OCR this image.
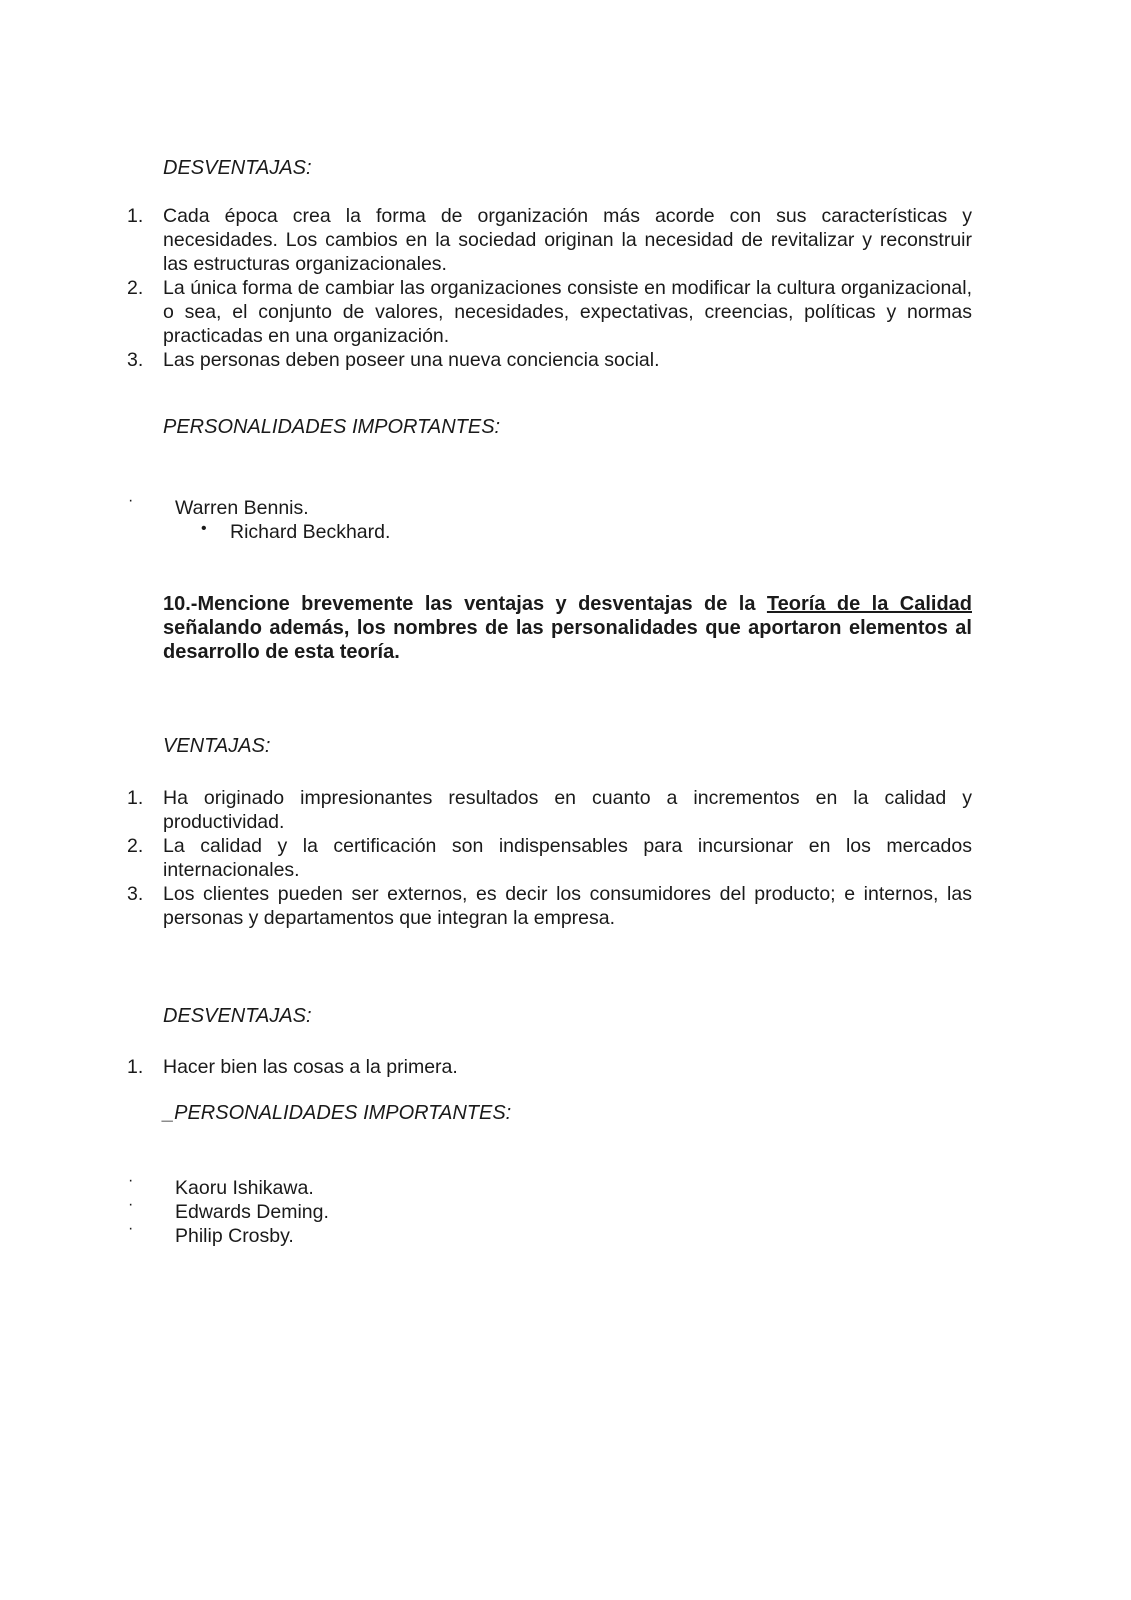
DESVENTAJAS:
1. Cada época crea la forma de organización más acorde con sus características y necesidades. Los cambios en la sociedad originan la necesidad de revitalizar y reconstruir las estructuras organizacionales.
2. La única forma de cambiar las organizaciones consiste en modificar la cultura organizacional, o sea, el conjunto de valores, necesidades, expectativas, creencias, políticas y normas practicadas en una organización.
3. Las personas deben poseer una nueva conciencia social.
PERSONALIDADES IMPORTANTES:
· Warren Bennis.
• Richard Beckhard.
10.-Mencione brevemente las ventajas y desventajas de la Teoría de la Calidad señalando además, los nombres de las personalidades que aportaron elementos al desarrollo de esta teoría.
VENTAJAS:
1. Ha originado impresionantes resultados en cuanto a incrementos en la calidad y productividad.
2. La calidad y la certificación son indispensables para incursionar en los mercados internacionales.
3. Los clientes pueden ser externos, es decir los consumidores del producto; e internos, las personas y departamentos que integran la empresa.
DESVENTAJAS:
1. Hacer bien las cosas a la primera.
_PERSONALIDADES IMPORTANTES:
· Kaoru Ishikawa.
· Edwards Deming.
· Philip Crosby.
